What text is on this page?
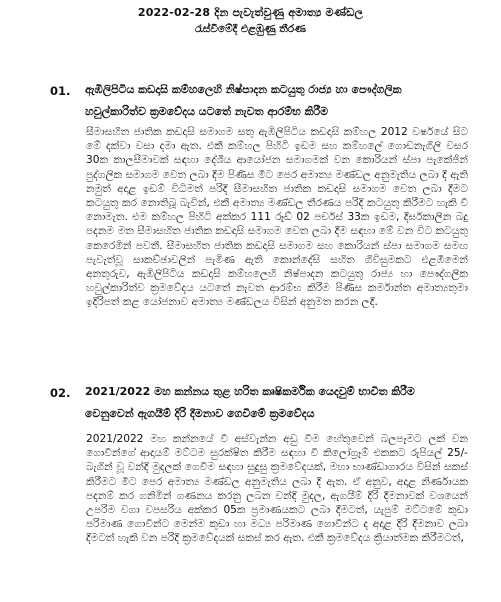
2022-02-28 දින පැවැත්වුණු අමාත්‍ය මණ්ඩල
රැස්වීමේදී එළඹුණු තීරණ
01. ඇඹිලිපිටිය කඩදාසි කම්හලෙහි නිෂ්පාදන කටයුතු රාජ්‍ය හා පෞද්ගලික හවුල්කාරිත්ව ක්‍රමවේදය යටතේ නැවත ආරම්භ කිරීම
සීමාසහිත ජාතික කඩදාසි සමාගම සතු ඇඹිලිපිටිය කඩදාසි කම්හල 2012 වර්ෂයේ සිට මේ දක්වා වසා දමා ඇත. එකී කම්හල පිහිටි ඉඩම සහ කම්හලේ ගොඩනැගිලි වසර 30ක කාලසීමාවක් සඳහා දේශීය ආයෝජන සමාගමක් වන කොරියන් ස්පා පැකේජින් පුද්ගලික සමාගම වෙත ලබා දීම පිණිස මීට පෙර අමාත්‍ය මණ්ඩල අනුමැතිය ලබා දී ඇති නමුත් අදාළ ඉඩම් විධිමත් පරිදි සීමාසහිත ජාතික කඩදාසි සමාගම වෙත ලබා දීමට කටයුතු කර නොතිබූ බැවින්, එකී අමාත්‍ය මණ්ඩල තීරණය පරිදි කටයුතු කිරීමට හැකි වී නොමැත. එම කම්හල පිහිටි අක්කර 111 රූඩ් 02 පර්චස් 33ක ඉඩම, දීර්ඝකාලීන බදු පදනම මත සීමාසහිත ජාතික කඩදාසි සමාගම වෙත ලබා දීම සඳහා මේ වන විට කටයුතු කෙරෙමින් පවතී. සීමාසහිත ජාතික කඩදාසි සමාගම සහ කොරියන් ස්පා සමාගම සමඟ පැවැත්වූ සාකච්ඡාවලින් පැමිණ ඇති කොන්දේසි සහිත ගිවිසුමකට එළඹීමෙන් අනතුරුව, ඇඹිලිපිටිය කඩදාසි කම්හලෙහි නිෂ්පාදන කටයුතු රාජ්‍ය හා පෞද්ගලික හවුල්කාරිත්ව ක්‍රමවේදය යටතේ නැවත ආරම්භ කිරීම පිණිස කර්මාන්ත අමාත්‍යතුමා ඉදිරිපත් කළ යෝජනාව අමාත්‍ය මණ්ඩලය විසින් අනුමත කරන ලදී.
02. 2021/2022 මහ කන්නය තුළ හරිත කෘෂිකර්මික යෙදවුම් භාවිත කිරීම වෙනුවෙන් ඇගයීම් දිරි දීමනාව ගෙවීමේ ක්‍රමවේදය
2021/2022 මහ කන්නයේ වී අස්වැන්න අඩු වීම හේතුවෙන් බලපෑමට ලක් වන ගොවීන්ගේ ආදායම් මට්ටම සුරක්ෂිත කිරීම සඳහා වී කිලෝග්‍රෑම් එකකට රුපියල් 25/- බැගින් වූ වන්දි මුදලක් ගෙවීම සඳහා සුදුසු ක්‍රමවේදයක්, මහා භාණ්ඩාගාරය විසින් සකස් කිරීමට මීට පෙර අමාත්‍ය මණ්ඩල අනුමැතිය ලබා දී ඇත. ඒ අනුව, අදාළ නිර්ණායක පදනම් කර ගනිමින් ගණනය කරනු ලබන වන්දි මුදල, ඇගයීම් දිරි දීමනාවක් වශයෙන් උපරිම වගා වපසරිය අක්කර 05ක ප්‍රමාණයකට ලබා දීමටත්, යැපුම් මට්ටමේ කුඩා පරිමාණ ගොවීන්ට මෙන්ම කුඩා හා මධ්‍ය පරිමාණ ගොවීන්ට ද අදාළ දිරි දීමනාව ලබා දීමටත් හැකි වන පරිදි ක්‍රමවේදයක් සකස් කර ඇත. එකී ක්‍රමවේදය ක්‍රියාත්මක කිරීමටත්,
